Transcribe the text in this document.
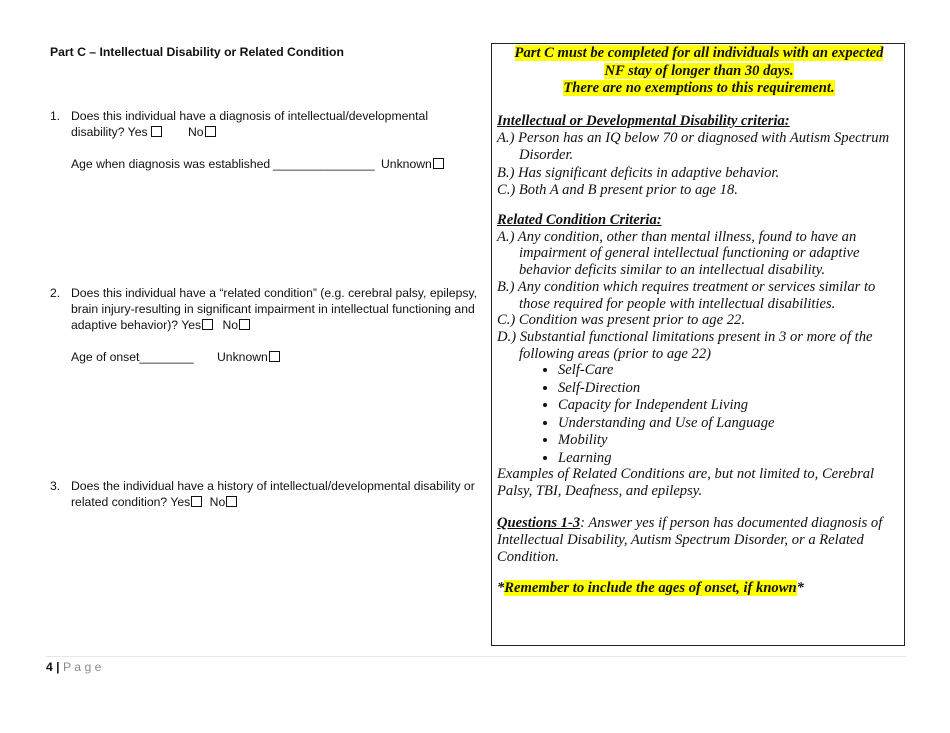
Part C – Intellectual Disability or Related Condition
1. Does this individual have a diagnosis of intellectual/developmental
disability? Yes	No
Age when diagnosis was established _______________ Unknown
2. Does this individual have a “related condition” (e.g. cerebral palsy, epilepsy,
brain injury-resulting in significant impairment in intellectual functioning and
adaptive behavior)? Yes No
Age of onset________ Unknown
3. Does the individual have a history of intellectual/developmental disability or
related condition? Yes No
Part C must be completed for all individuals with an expected
NF stay of longer than 30 days.
There are no exemptions to this requirement.
Intellectual or Developmental Disability criteria:
A.) Person has an IQ below 70 or diagnosed with Autism Spectrum
Disorder.
B.) Has significant deficits in adaptive behavior.
C.) Both A and B present prior to age 18.
Related Condition Criteria:
A.) Any condition, other than mental illness, found to have an
impairment of general intellectual functioning or adaptive
behavior deficits similar to an intellectual disability.
B.) Any condition which requires treatment or services similar to
those required for people with intellectual disabilities.
C.) Condition was present prior to age 22.
D.) Substantial functional limitations present in 3 or more of the
following areas (prior to age 22)
• Self-Care
• Self-Direction
• Capacity for Independent Living
• Understanding and Use of Language
• Mobility
• Learning
Examples of Related Conditions are, but not limited to, Cerebral
Palsy, TBI, Deafness, and epilepsy.
Questions 1-3: Answer yes if person has documented diagnosis of
Intellectual Disability, Autism Spectrum Disorder, or a Related
Condition.
*Remember to include the ages of onset, if known*
4 | P a g e
